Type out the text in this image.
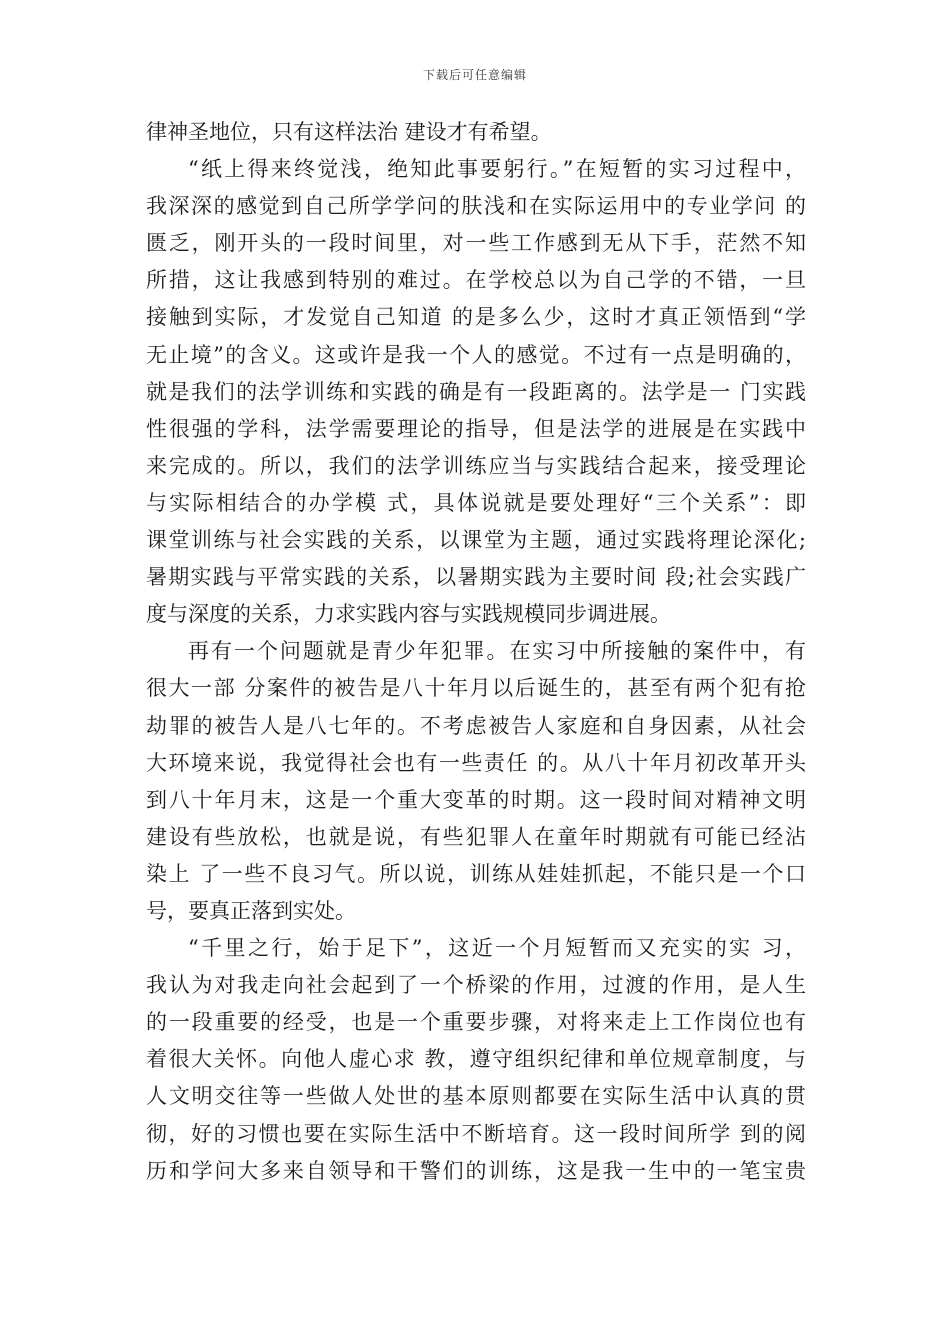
下载后可任意编辑
律神圣地位，只有这样法治 建设才有希望。
“纸上得来终觉浅，绝知此事要躬行。”在短暂的实习过程中，
我深深的感觉到自己所学学问的肤浅和在实际运用中的专业学问 的
匮乏，刚开头的一段时间里，对一些工作感到无从下手，茫然不知
所措，这让我感到特别的难过。在学校总以为自己学的不错，一旦
接触到实际，才发觉自己知道 的是多么少，这时才真正领悟到“学
无止境”的含义。这或许是我一个人的感觉。不过有一点是明确的，
就是我们的法学训练和实践的确是有一段距离的。法学是一 门实践
性很强的学科，法学需要理论的指导，但是法学的进展是在实践中
来完成的。所以，我们的法学训练应当与实践结合起来，接受理论
与实际相结合的办学模 式，具体说就是要处理好“三个关系”：即
课堂训练与社会实践的关系，以课堂为主题，通过实践将理论深化;
暑期实践与平常实践的关系，以暑期实践为主要时间 段;社会实践广
度与深度的关系，力求实践内容与实践规模同步调进展。
再有一个问题就是青少年犯罪。在实习中所接触的案件中，有
很大一部 分案件的被告是八十年月以后诞生的，甚至有两个犯有抢
劫罪的被告人是八七年的。不考虑被告人家庭和自身因素，从社会
大环境来说，我觉得社会也有一些责任 的。从八十年月初改革开头
到八十年月末，这是一个重大变革的时期。这一段时间对精神文明
建设有些放松，也就是说，有些犯罪人在童年时期就有可能已经沾
染上 了一些不良习气。所以说，训练从娃娃抓起，不能只是一个口
号，要真正落到实处。
“千里之行，始于足下”，这近一个月短暂而又充实的实 习，
我认为对我走向社会起到了一个桥梁的作用，过渡的作用，是人生
的一段重要的经受，也是一个重要步骤，对将来走上工作岗位也有
着很大关怀。向他人虚心求 教，遵守组织纪律和单位规章制度，与
人文明交往等一些做人处世的基本原则都要在实际生活中认真的贯
彻，好的习惯也要在实际生活中不断培育。这一段时间所学 到的阅
历和学问大多来自领导和干警们的训练，这是我一生中的一笔宝贵
